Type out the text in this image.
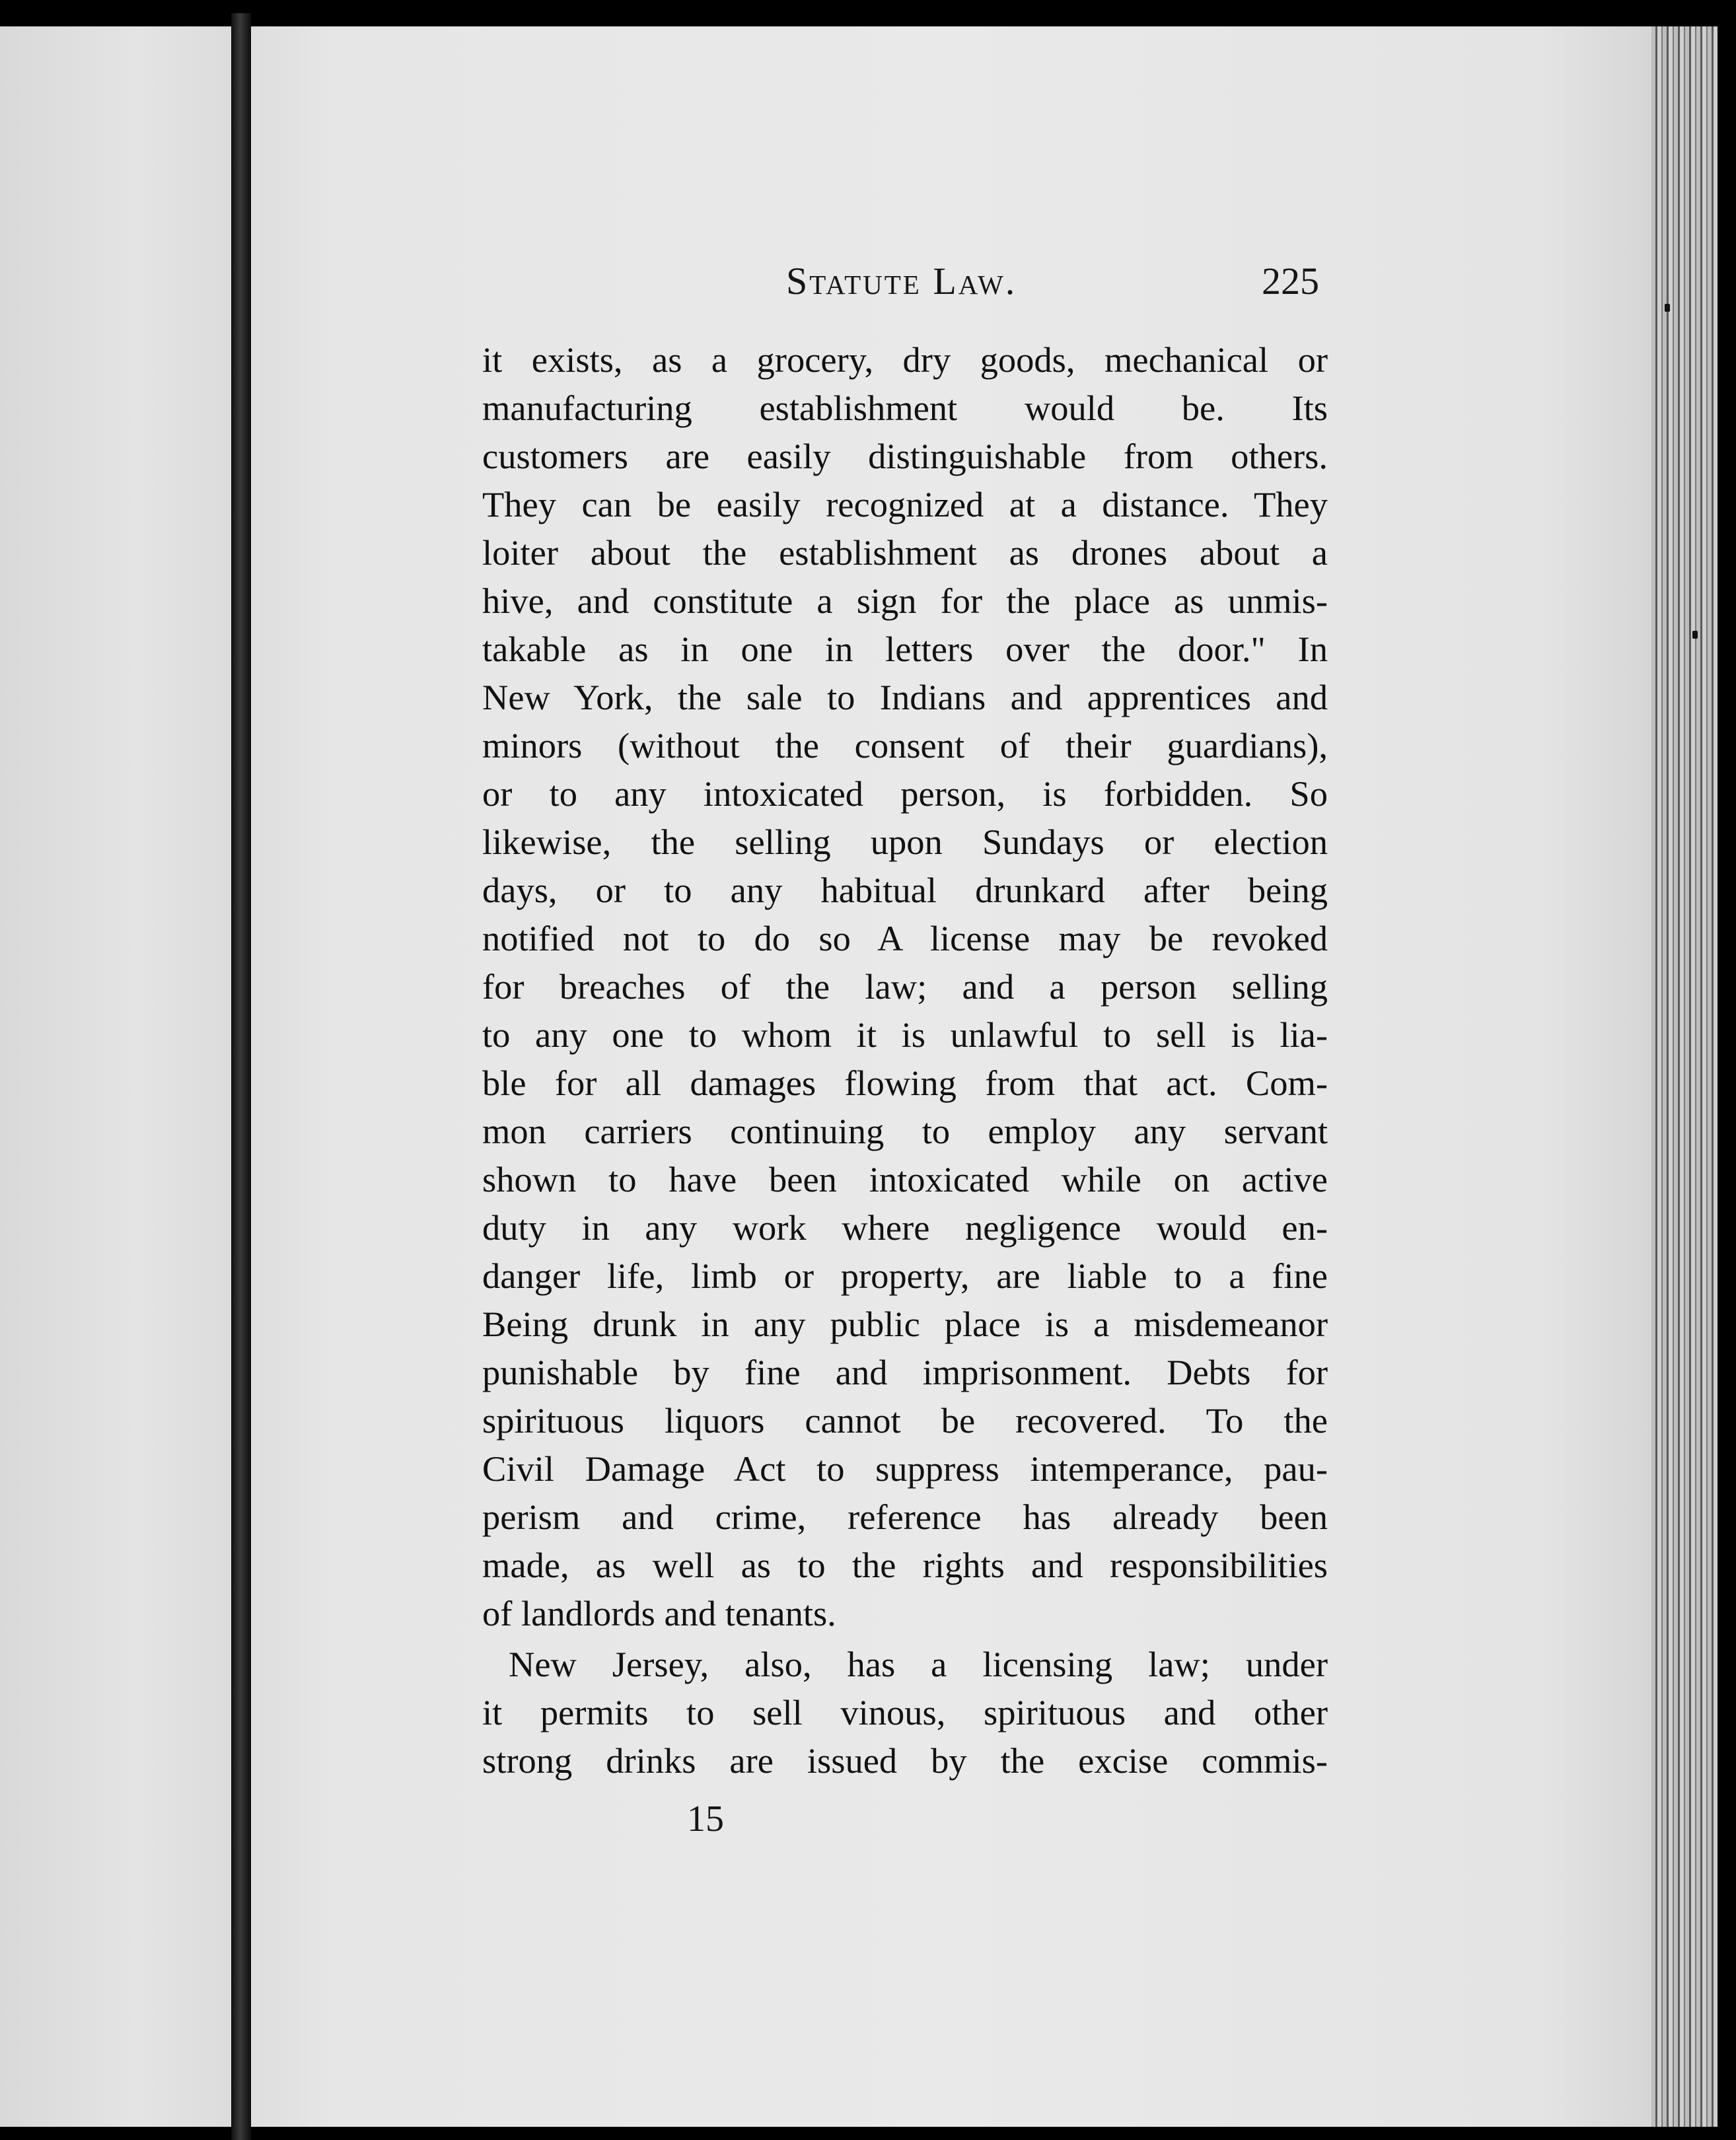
Statute Law.	225
it exists, as a grocery, dry goods, mechanical or
manufacturing establishment would be. Its
customers are easily distinguishable from others.
They can be easily recognized at a distance. They
loiter about the establishment as drones about a
hive, and constitute a sign for the place as unmis-
takable as in one in letters over the door." In
New York, the sale to Indians and apprentices and
minors (without the consent of their guardians),
or to any intoxicated person, is forbidden. So
likewise, the selling upon Sundays or election
days, or to any habitual drunkard after being
notified not to do so A license may be revoked
for breaches of the law; and a person selling
to any one to whom it is unlawful to sell is lia-
ble for all damages flowing from that act. Com-
mon carriers continuing to employ any servant
shown to have been intoxicated while on active
duty in any work where negligence would en-
danger life, limb or property, are liable to a fine
Being drunk in any public place is a misdemeanor
punishable by fine and imprisonment. Debts for
spirituous liquors cannot be recovered. To the
Civil Damage Act to suppress intemperance, pau-
perism and crime, reference has already been
made, as well as to the rights and responsibilities
of landlords and tenants.
New Jersey, also, has a licensing law; under
it permits to sell vinous, spirituous and other
strong drinks are issued by the excise commis-
15
